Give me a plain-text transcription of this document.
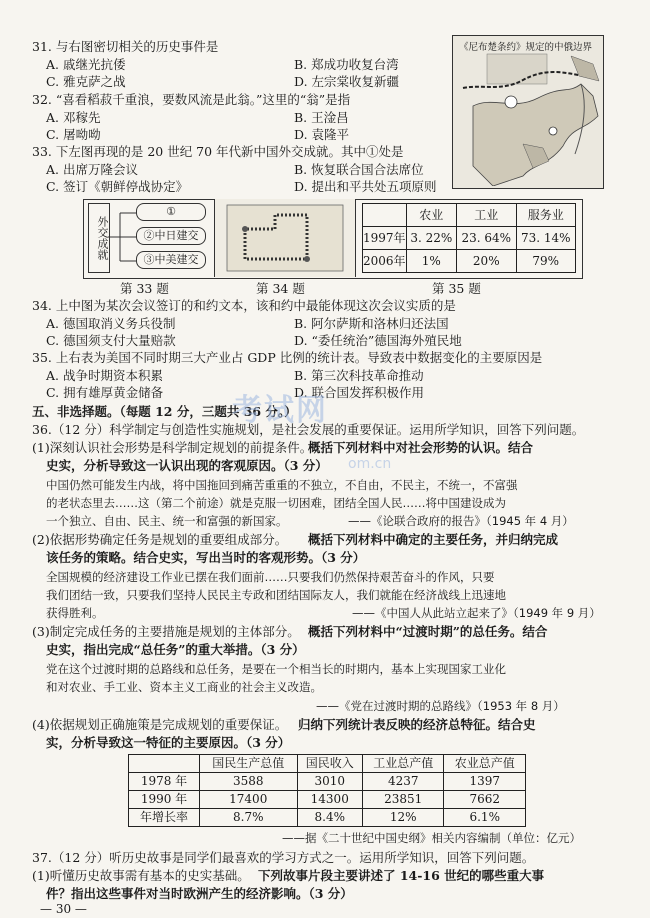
31. 与右图密切相关的历史事件是
A. 戚继光抗倭	B. 郑成功收复台湾
C. 雅克萨之战	D. 左宗棠收复新疆
《尼布楚条约》规定的中俄边界
32. “喜看稻菽千重浪，要数风流是此翁。”这里的“翁”是指
A. 邓稼先	B. 王淦昌
C. 屠呦呦	D. 袁隆平
33. 下左图再现的是 20 世纪 70 年代新中国外交成就。其中①处是
A. 出席万隆会议	B. 恢复联合国合法席位
C. 签订《朝鲜停战协定》	D. 提出和平共处五项原则
外交成就
①
②中日建交
③中美建交
	农业	工业	服务业
1997年	3. 22%	23. 64%	73. 14%
2006年	1%	20%	79%
第 33 题	第 34 题	第 35 题
34. 上中图为某次会议签订的和约文本，该和约中最能体现这次会议实质的是
A. 德国取消义务兵役制	B. 阿尔萨斯和洛林归还法国
C. 德国须支付大量赔款	D. “委任统治”德国海外殖民地
35. 上右表为美国不同时期三大产业占 GDP 比例的统计表。导致表中数据变化的主要原因是
A. 战争时期资本积累	B. 第三次科技革命推动
C. 拥有雄厚黄金储备	D. 联合国发挥积极作用
五、非选择题。（每题 12 分，三题共 36 分。）
36.（12 分）科学制定与创造性实施规划，是社会发展的重要保证。运用所学知识，回答下列问题。
(1)深刻认识社会形势是科学制定规划的前提条件。
概括下列材料中对社会形势的认识。结合
史实，分析导致这一认识出现的客观原因。（3 分）
中国仍然可能发生内战，将中国拖回到痛苦重重的不独立，不自由，不民主，不统一，不富强
的老状态里去……这（第二个前途）就是克服一切困难，团结全国人民……将中国建设成为
一个独立、自由、民主、统一和富强的新国家。	——《论联合政府的报告》（1945 年 4 月）
(2)依据形势确定任务是规划的重要组成部分。 概括下列材料中确定的主要任务，并归纳完成
该任务的策略。结合史实，写出当时的客观形势。（3 分）
全国规模的经济建设工作业已摆在我们面前……只要我们仍然保持艰苦奋斗的作风，只要
我们团结一致，只要我们坚持人民民主专政和团结国际友人，我们就能在经济战线上迅速地
获得胜利。	——《中国人从此站立起来了》（1949 年 9 月）
(3)制定完成任务的主要措施是规划的主体部分。 概括下列材料中“过渡时期”的总任务。结合
史实，指出完成“总任务”的重大举措。（3 分）
党在这个过渡时期的总路线和总任务，是要在一个相当长的时期内，基本上实现国家工业化
和对农业、手工业、资本主义工商业的社会主义改造。
——《党在过渡时期的总路线》（1953 年 8 月）
(4)依据规划正确施策是完成规划的重要保证。 归纳下列统计表反映的经济总特征。结合史
实，分析导致这一特征的主要原因。（3 分）
	国民生产总值	国民收入	工业总产值	农业总产值
1978 年	3588	3010	4237	1397
1990 年	17400	14300	23851	7662
年增长率	8.7%	8.4%	12%	6.1%
——据《二十世纪中国史纲》相关内容编制（单位：亿元）
37.（12 分）听历史故事是同学们最喜欢的学习方式之一。运用所学知识，回答下列问题。
(1)听懂历史故事需有基本的史实基础。 下列故事片段主要讲述了 14-16 世纪的哪些重大事
件？指出这些事件对当时欧洲产生的经济影响。（3 分）
— 30 —
考试网
om.cn
